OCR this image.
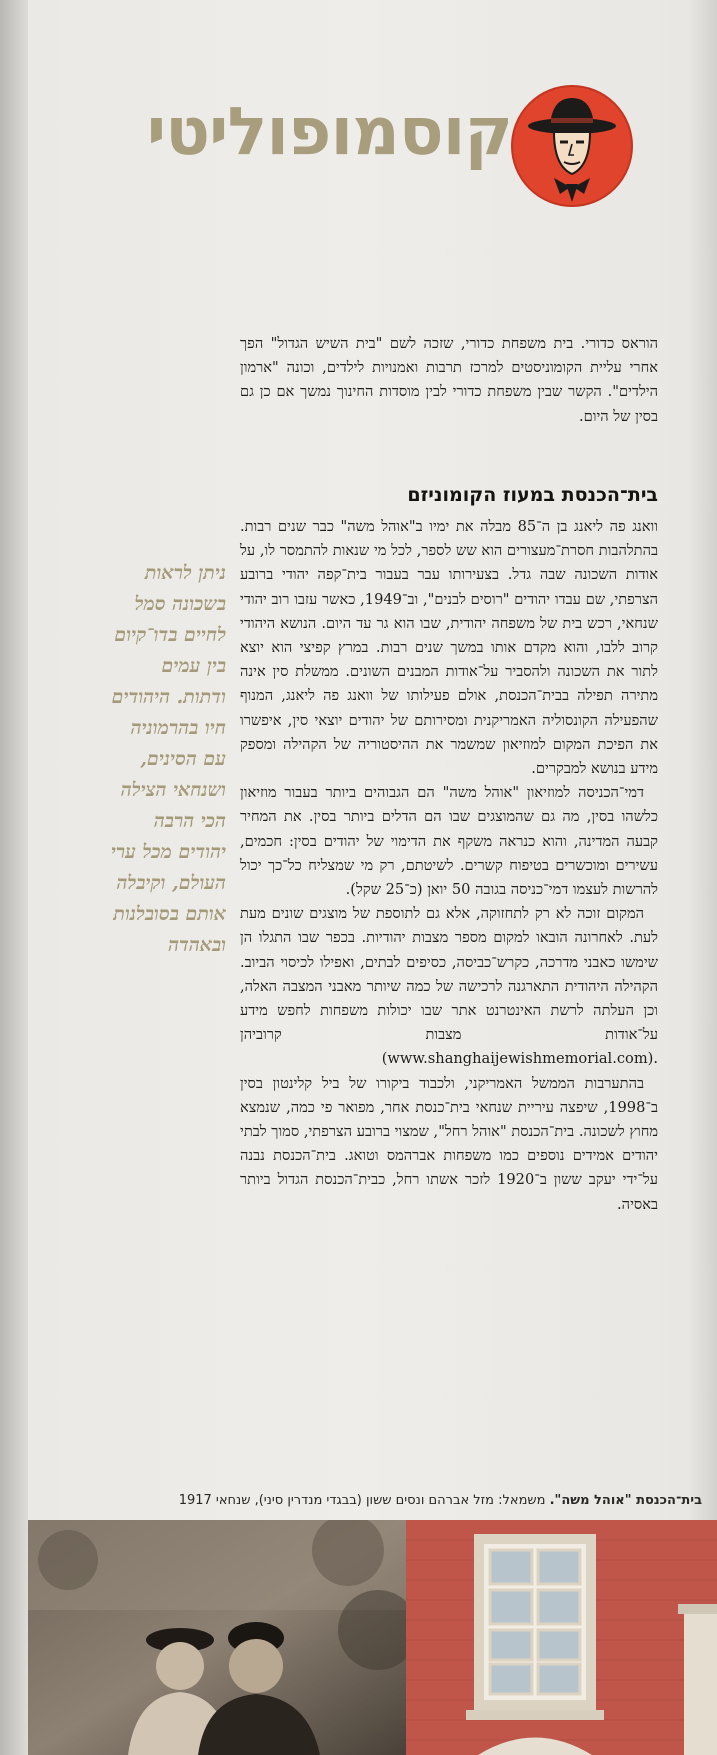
קוסמופוליטי

הוראס כדורי. בית משפחת כדורי, שזכה לשם "בית השיש הגדול" הפך אחרי עליית הקומוניסטים למרכז תרבות ואמנויות לילדים, וכונה "ארמון הילדים". הקשר שבין משפחת כדורי לבין מוסדות החינוך נמשך אם כן גם בסין של היום.

בית־הכנסת במעוז הקומוניזם

וואנג פה ליאנג בן ה־85 מבלה את ימיו ב"אוהל משה" כבר שנים רבות. בהתלהבות חסרת־מעצורים הוא שש לספר, לכל מי שנאות להתמסר לו, על אודות השכונה שבה גדל. בצעירותו עבר בעבור בית־קפה יהודי ברובע הצרפתי, שם עבדו יהודים "רוסים לבנים", וב־1949, כאשר עזבו רוב יהודי שנחאי, רכש בית של משפחה יהודית, שבו הוא גר עד היום. הנושא היהודי קרוב ללבו, והוא מקדם אותו במשך שנים רבות. במרץ קפיצי הוא יוצא לתור את השכונה ולהסביר על־אודות המבנים השונים. ממשלת סין אינה מתירה תפילה בבית־הכנסת, אולם פעילותו של וואנג פה ליאנג, המנוף שהפעילה הקונסוליה האמריקנית ומסירותם של יהודים יוצאי סין, איפשרו את הפיכת המקום למוזיאון שמשמר את ההיסטוריה של הקהילה ומספק מידע בנושא למבקרים.

דמי־הכניסה למוזיאון "אוהל משה" הם הגבוהים ביותר בעבור מוזיאון כלשהו בסין, מה גם שהמוצגים שבו הם הדלים ביותר בסין. את המחיר קבעה המדינה, והוא כנראה משקף את הדימוי של יהודים בסין: חכמים, עשירים ומוכשרים בטיפוח קשרים. לשיטתם, רק מי שמצליח כל־כך יכול להרשות לעצמו דמי־כניסה בגובה 50 יואן (כ־25 שקל).

המקום זוכה לא רק לתחזוקה, אלא גם לתוספת של מוצגים שונים מעת לעת. לאחרונה הובאו למקום מספר מצבות יהודיות. בכפר שבו התגלו הן שימשו כאבני מדרכה, כקרש־כביסה, כסיפים לבתים, ואפילו לכיסוי הביוב. הקהילה היהודית התארגנה לרכישה של כמה שיותר מאבני המצבה האלה, וכן העלתה לרשת האינטרנט אתר שבו יכולות משפחות לחפש מידע על־אודות מצבות קרוביהן (www.shanghaijewishmemorial.com).

בהתערבות הממשל האמריקני, ולכבוד ביקורו של ביל קלינטון בסין ב־1998, שיפצה עיריית שנחאי בית־כנסת אחר, מפואר פי כמה, שנמצא מחוץ לשכונה. בית־הכנסת "אוהל רחל", שמצוי ברובע הצרפתי, סמוך לבתי יהודים אמידים נוספים כמו משפחות אברהמס וטואג. בית־הכנסת נבנה על־ידי יעקב ששון ב־1920 לזכר אשתו רחל, כבית־הכנסת הגדול ביותר באסיה.

ניתן לראות בשכונה סמל לחיים בדו־קיום בין עמים ודתות. היהודים חיו בהרמוניה עם הסינים, ושנחאי הצילה הכי הרבה יהודים מכל ערי העולם, וקיבלה אותם בסובלנות ובאהדה
בית־הכנסת "אוהל משה". משמאל: מזל אברהם ונסים ששון (בבגדי מנדרין סיני), שנחאי 1917
